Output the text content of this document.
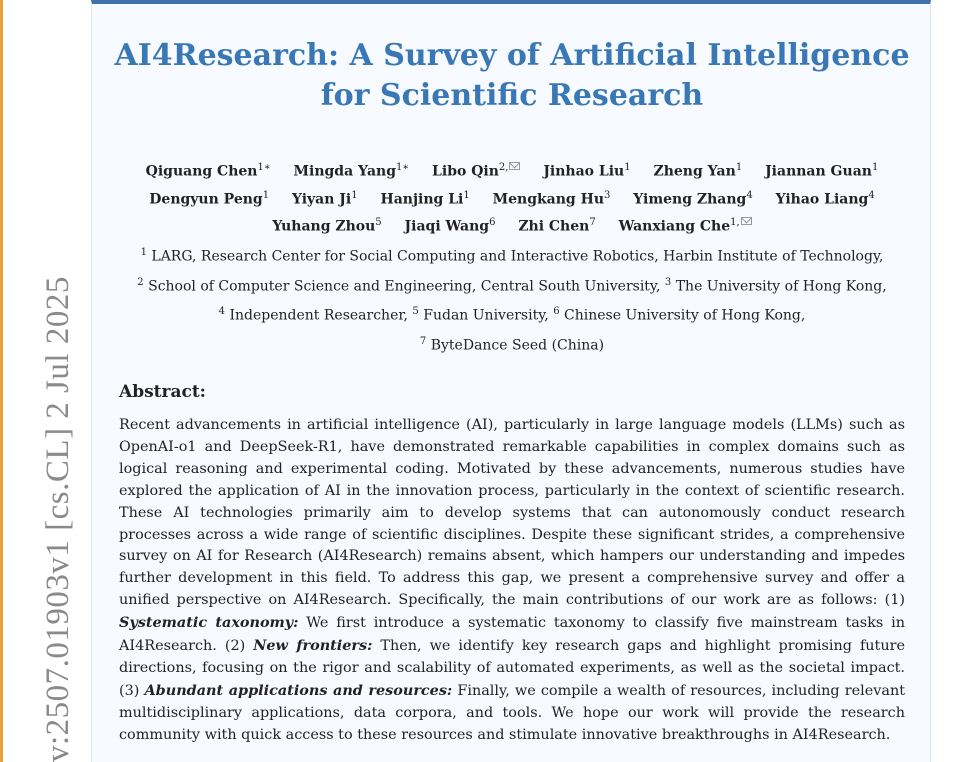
v:2507.01903v1 [cs.CL] 2 Jul 2025
AI4Research: A Survey of Artificial Intelligence
for Scientific Research
Qiguang Chen$^{1∗}$ Mingda Yang$^{1∗}$ Libo Qin$^{2,}$ Jinhao Liu$^1$ Zheng Yan$^1$ Jiannan Guan$^1$
Dengyun Peng$^1$ Yiyan Ji$^1$ Hanjing Li$^1$ Mengkang Hu$^3$ Yimeng Zhang$^4$ Yihao Liang$^4$
Yuhang Zhou$^5$ Jiaqi Wang$^6$ Zhi Chen$^7$ Wanxiang Che$^{1,}$
$^1$ LARG, Research Center for Social Computing and Interactive Robotics, Harbin Institute of Technology,
$^2$ School of Computer Science and Engineering, Central South University, $^3$ The University of Hong Kong,
$^4$ Independent Researcher, $^5$ Fudan University, $^6$ Chinese University of Hong Kong,
$^7$ ByteDance Seed (China)
Abstract:

Recent advancements in artificial intelligence (AI), particularly in large language models (LLMs) such as OpenAI-o1 and DeepSeek-R1, have demonstrated remarkable capabilities in complex domains such as logical reasoning and experimental coding. Motivated by these advancements, numerous studies have explored the application of AI in the innovation process, particularly in the context of scientific research. These AI technologies primarily aim to develop systems that can autonomously conduct research processes across a wide range of scientific disciplines. Despite these significant strides, a comprehensive survey on AI for Research (AI4Research) remains absent, which hampers our understanding and impedes further development in this field. To address this gap, we present a comprehensive survey and offer a unified perspective on AI4Research. Specifically, the main contributions of our work are as follows: (1) Systematic taxonomy: We first introduce a systematic taxonomy to classify five mainstream tasks in AI4Research. (2) New frontiers: Then, we identify key research gaps and highlight promising future directions, focusing on the rigor and scalability of automated experiments, as well as the societal impact. (3) Abundant applications and resources: Finally, we compile a wealth of resources, including relevant multidisciplinary applications, data corpora, and tools. We hope our work will provide the research community with quick access to these resources and stimulate innovative breakthroughs in AI4Research.
